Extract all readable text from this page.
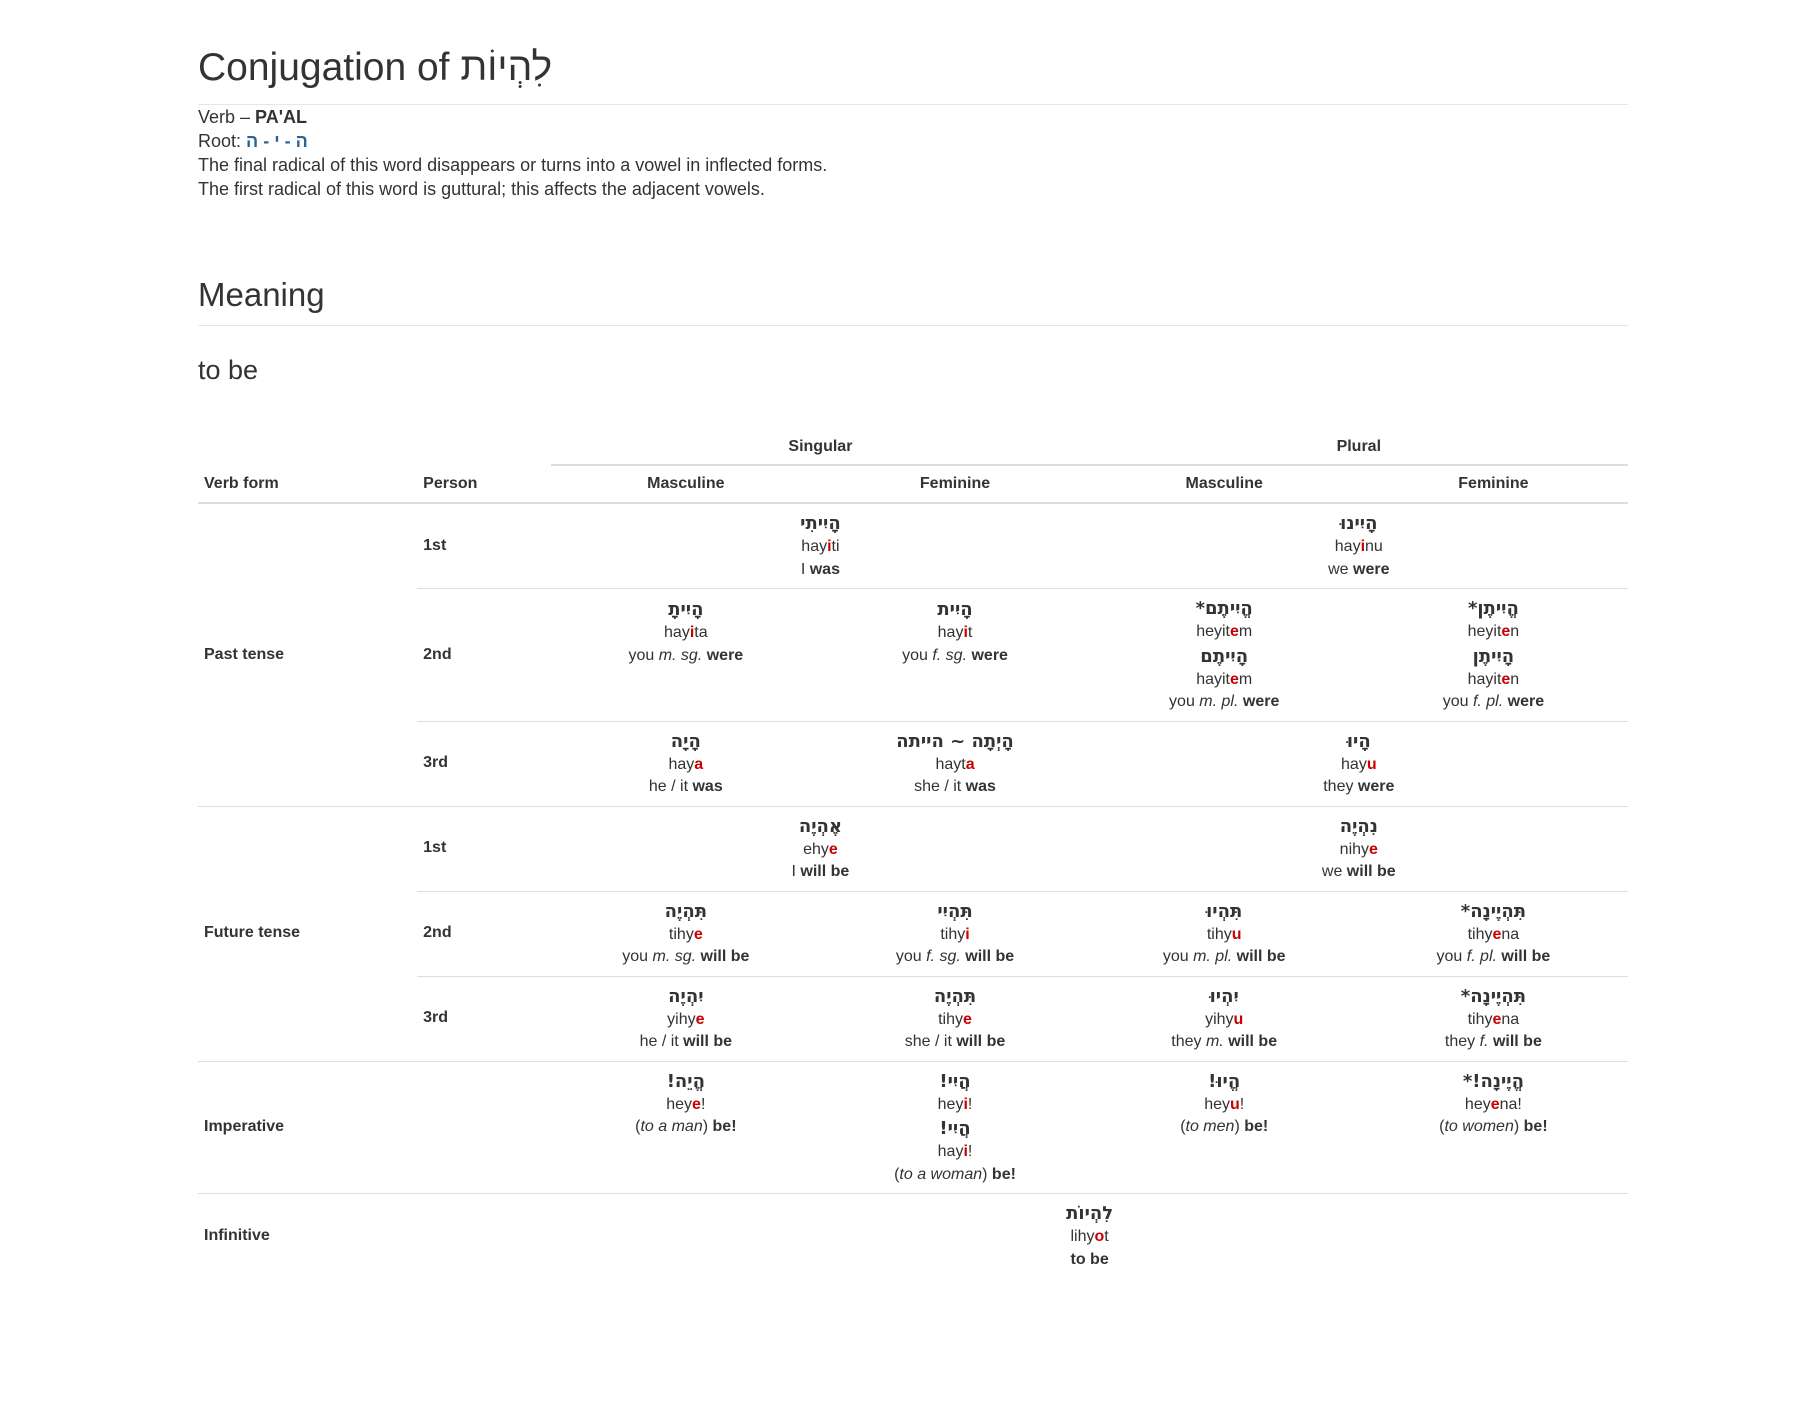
Conjugation of לִהְיוֹת

Verb – PA'AL

Root: ה - י - ה

The final radical of this word disappears or turns into a vowel in inflected forms.

The first radical of this word is guttural; this affects the adjacent vowels.

Meaning
to be
		Singular		Plural	
Verb form	Person	Masculine	Feminine	Masculine	Feminine
Past tense	1st	הָיִיתִי
hayiti
I was		הָיִינוּ
hayinu
we were	

	2nd	הָיִיתָ
hayita
you m. sg. were	הָיִית
hayit
you f. sg. were	הֱיִיתֶם*
heyitem
הָיִיתֶם
hayitem
you m. pl. were	הֱיִיתֶן*
heyiten
הָיִיתֶן
hayiten
you f. pl. were

	3rd	הָיָה
haya
he / it was	הָיְתָה ~ הייתה
hayta
she / it was	הָיוּ
hayu
they were	

Future tense	1st	אֶהְיֶה
ehye
I will be		נִהְיֶה
nihye
we will be	

	2nd	תִּהְיֶה
tihye
you m. sg. will be	תִּהְיִי
tihyi
you f. sg. will be	תִּהְיוּ
tihyu
you m. pl. will be	תִּהְיֶינָה*
tihyena
you f. pl. will be

	3rd	יִהְיֶה
yihye
he / it will be	תִּהְיֶה
tihye
she / it will be	יִהְיוּ
yihyu
they m. will be	תִּהְיֶינָה*
tihyena
they f. will be

Imperative		הֱיֵה!
heye!
(to a man) be!	הֲיִי!
heyi!
הֲיִי!
hayi!
(to a woman) be!	הֱיוּ!
heyu!
(to men) be!	הֱיֶינָה!*
heyena!
(to women) be!

Infinitive		לִהְיוֹת
lihyot
to be			
